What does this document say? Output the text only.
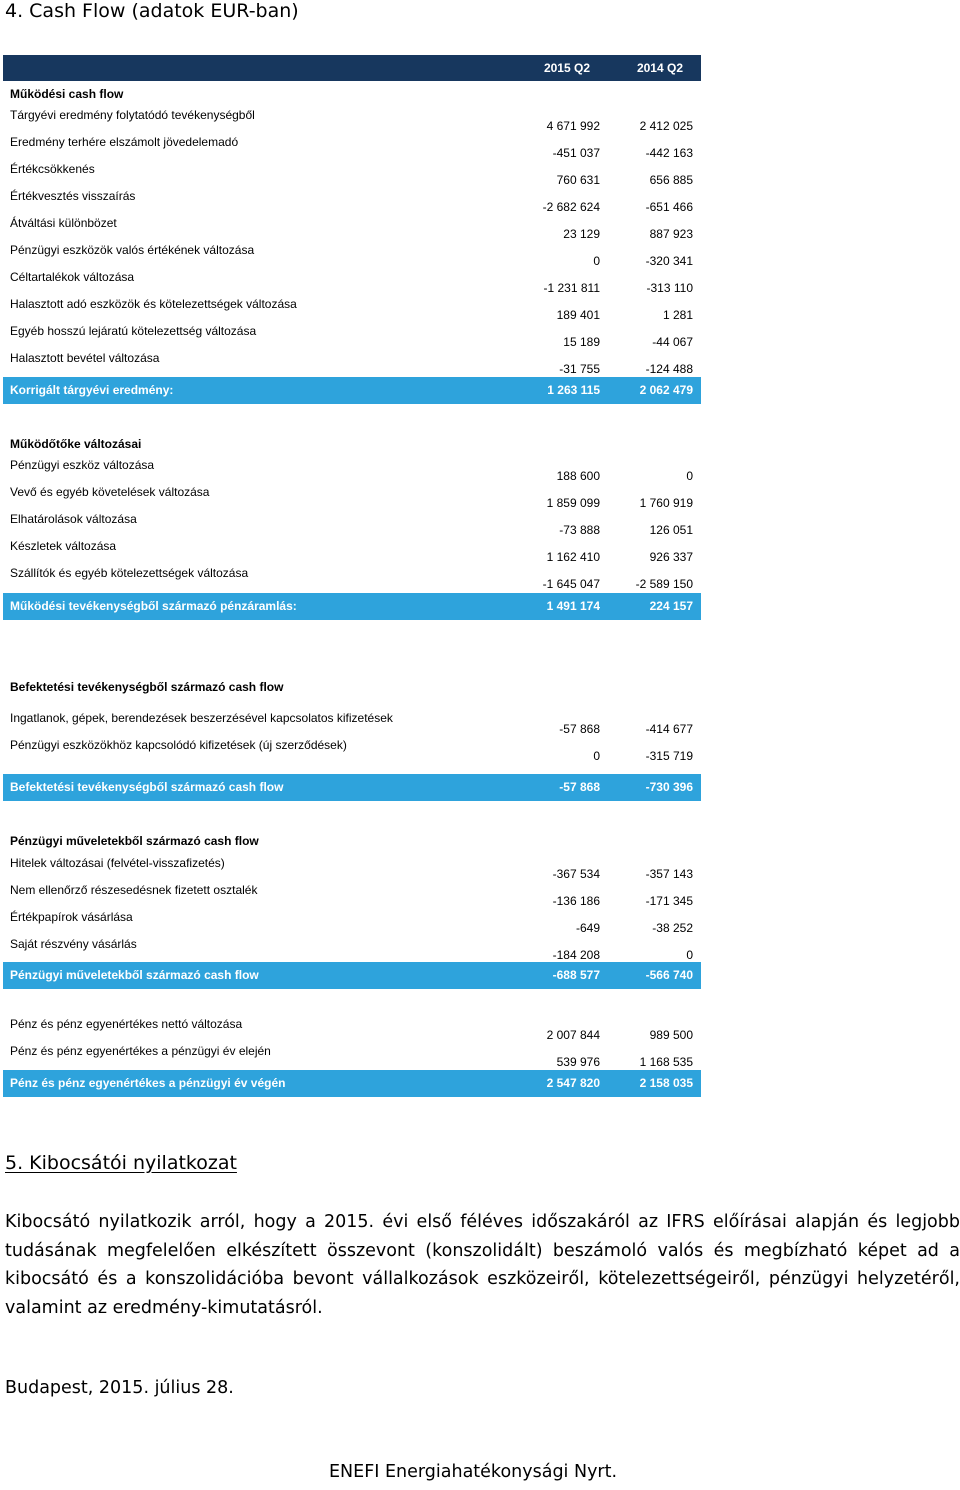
4. Cash Flow (adatok EUR-ban)
2015 Q2	2014 Q2
Működési cash flow
Tárgyévi eredmény folytatódó tevékenységből
4 671 992	2 412 025
Eredmény terhére elszámolt jövedelemadó
-451 037	-442 163
Értékcsökkenés
760 631	656 885
Értékvesztés visszaírás
-2 682 624	-651 466
Átváltási különbözet
23 129	887 923
Pénzügyi eszközök valós értékének változása
0	-320 341
Céltartalékok változása
-1 231 811	-313 110
Halasztott adó eszközök és kötelezettségek változása
189 401	1 281
Egyéb hosszú lejáratú kötelezettség változása
15 189	-44 067
Halasztott bevétel változása
-31 755	-124 488
Korrigált tárgyévi eredmény:	1 263 115	2 062 479
Működőtőke változásai
Pénzügyi eszköz változása
188 600	0
Vevő és egyéb követelések változása
1 859 099	1 760 919
Elhatárolások változása
-73 888	126 051
Készletek változása
1 162 410	926 337
Szállítók és egyéb kötelezettségek változása
-1 645 047	-2 589 150
Működési tevékenységből származó pénzáramlás:	1 491 174	224 157
Befektetési tevékenységből származó cash flow
Ingatlanok, gépek, berendezések beszerzésével kapcsolatos kifizetések
-57 868	-414 677
Pénzügyi eszközökhöz kapcsolódó kifizetések (új szerződések)
0	-315 719
Befektetési tevékenységből származó cash flow	-57 868	-730 396
Pénzügyi műveletekből származó cash flow
Hitelek változásai (felvétel-visszafizetés)
-367 534	-357 143
Nem ellenőrző részesedésnek fizetett osztalék
-136 186	-171 345
Értékpapírok vásárlása
-649	-38 252
Saját részvény vásárlás
-184 208	0
Pénzügyi műveletekből származó cash flow	-688 577	-566 740
Pénz és pénz egyenértékes nettó változása
2 007 844	989 500
Pénz és pénz egyenértékes a pénzügyi év elején
539 976	1 168 535
Pénz és pénz egyenértékes a pénzügyi év végén	2 547 820	2 158 035
5. Kibocsátói nyilatkozat
Kibocsátó nyilatkozik arról, hogy a 2015. évi első féléves időszakáról az IFRS előírásai alapján és legjobb tudásának megfelelően elkészített összevont (konszolidált) beszámoló valós és megbízható képet ad a kibocsátó és a konszolidációba bevont vállalkozások eszközeiről, kötelezettségeiről, pénzügyi helyzetéről, valamint az eredmény-kimutatásról.
Budapest, 2015. július 28.
ENEFI Energiahatékonysági Nyrt.
